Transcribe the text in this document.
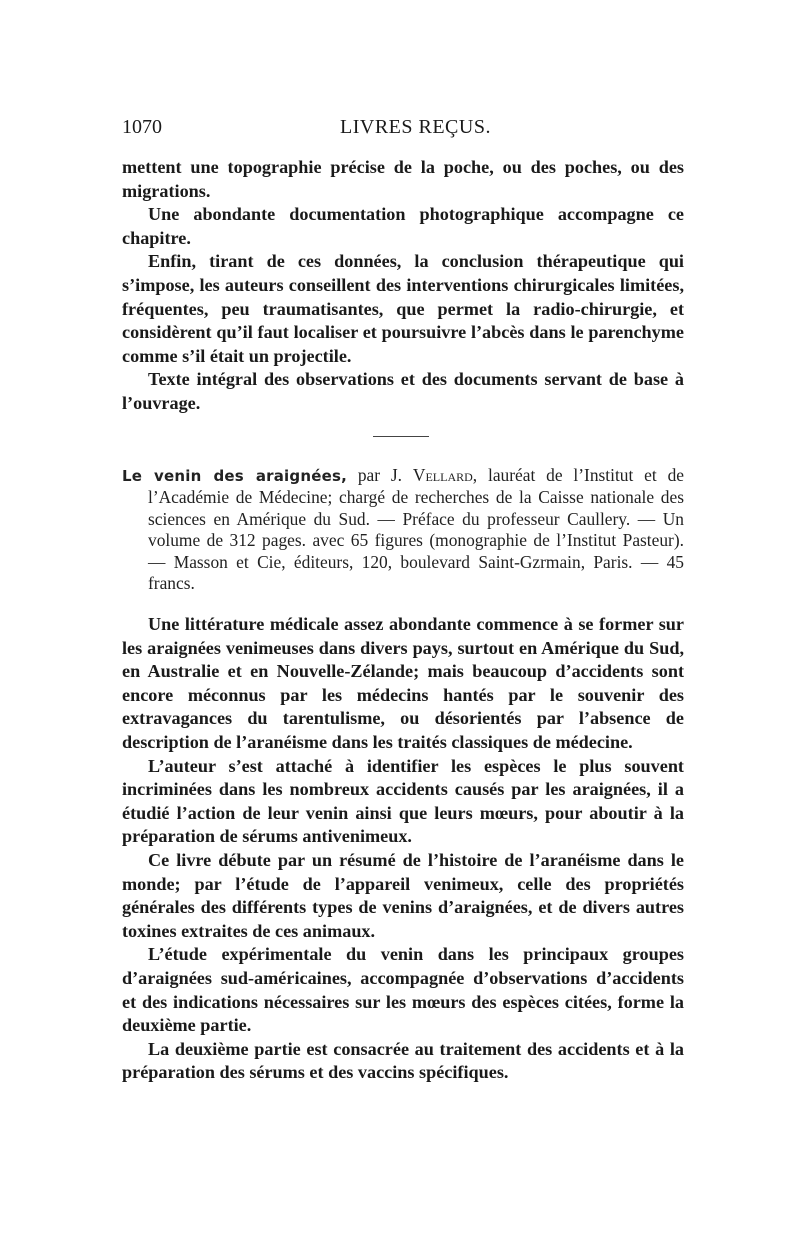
1070	LIVRES REÇUS.

mettent une topographie précise de la poche, ou des poches, ou des migrations.

Une abondante documentation photographique accompagne ce chapitre.

Enfin, tirant de ces données, la conclusion thérapeutique qui s’impose, les auteurs conseillent des interventions chirurgicales limitées, fréquentes, peu traumatisantes, que permet la radio-chirurgie, et considèrent qu’il faut localiser et poursuivre l’abcès dans le parenchyme comme s’il était un projectile.

Texte intégral des observations et des documents servant de base à l’ouvrage.

Le venin des araignées, par J. Vellard, lauréat de l’Institut et de l’Académie de Médecine; chargé de recherches de la Caisse nationale des sciences en Amérique du Sud. — Préface du professeur Caullery. — Un volume de 312 pages. avec 65 figures (monographie de l’Institut Pasteur). — Masson et Cie, éditeurs, 120, boulevard Saint-Gzrmain, Paris. — 45 francs.

Une littérature médicale assez abondante commence à se former sur les araignées venimeuses dans divers pays, surtout en Amérique du Sud, en Australie et en Nouvelle-Zélande; mais beaucoup d’accidents sont encore méconnus par les médecins hantés par le souvenir des extravagances du tarentulisme, ou désorientés par l’absence de description de l’aranéisme dans les traités classiques de médecine.

L’auteur s’est attaché à identifier les espèces le plus souvent incriminées dans les nombreux accidents causés par les araignées, il a étudié l’action de leur venin ainsi que leurs mœurs, pour aboutir à la préparation de sérums antivenimeux.

Ce livre débute par un résumé de l’histoire de l’aranéisme dans le monde; par l’étude de l’appareil venimeux, celle des propriétés générales des différents types de venins d’araignées, et de divers autres toxines extraites de ces animaux.

L’étude expérimentale du venin dans les principaux groupes d’araignées sud-américaines, accompagnée d’observations d’accidents et des indications nécessaires sur les mœurs des espèces citées, forme la deuxième partie.

La deuxième partie est consacrée au traitement des accidents et à la préparation des sérums et des vaccins spécifiques.
